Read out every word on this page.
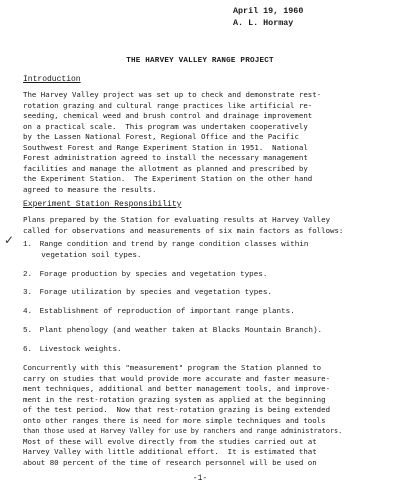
April 19, 1960
A. L. Hormay
THE HARVEY VALLEY RANGE PROJECT
Introduction
The Harvey Valley project was set up to check and demonstrate rest-
rotation grazing and cultural range practices like artificial re-
seeding, chemical weed and brush control and drainage improvement
on a practical scale.  This program was undertaken cooperatively
by the Lassen National Forest, Regional Office and the Pacific
Southwest Forest and Range Experiment Station in 1951.  National
Forest administration agreed to install the necessary management
facilities and manage the allotment as planned and prescribed by
the Experiment Station.  The Experiment Station on the other hand
agreed to measure the results.
Experiment Station Responsibility
Plans prepared by the Station for evaluating results at Harvey Valley
called for observations and measurements of six main factors as follows:
✓ 1. Range condition and trend by range condition classes within
vegetation soil types.
2. Forage production by species and vegetation types.
3. Forage utilization by species and vegetation types.
4. Establishment of reproduction of important range plants.
5. Plant phenology (and weather taken at Blacks Mountain Branch).
6. Livestock weights.
Concurrently with this "measurement" program the Station planned to
carry on studies that would provide more accurate and faster measure-
ment techniques, additional and better management tools, and improve-
ment in the rest-rotation grazing system as applied at the beginning
of the test period.  Now that rest-rotation grazing is being extended
onto other ranges there is need for more simple techniques and tools
than those used at Harvey Valley for use by ranchers and range administrators.
Most of these will evolve directly from the studies carried out at
Harvey Valley with little additional effort.  It is estimated that
about 80 percent of the time of research personnel will be used on
-1-
